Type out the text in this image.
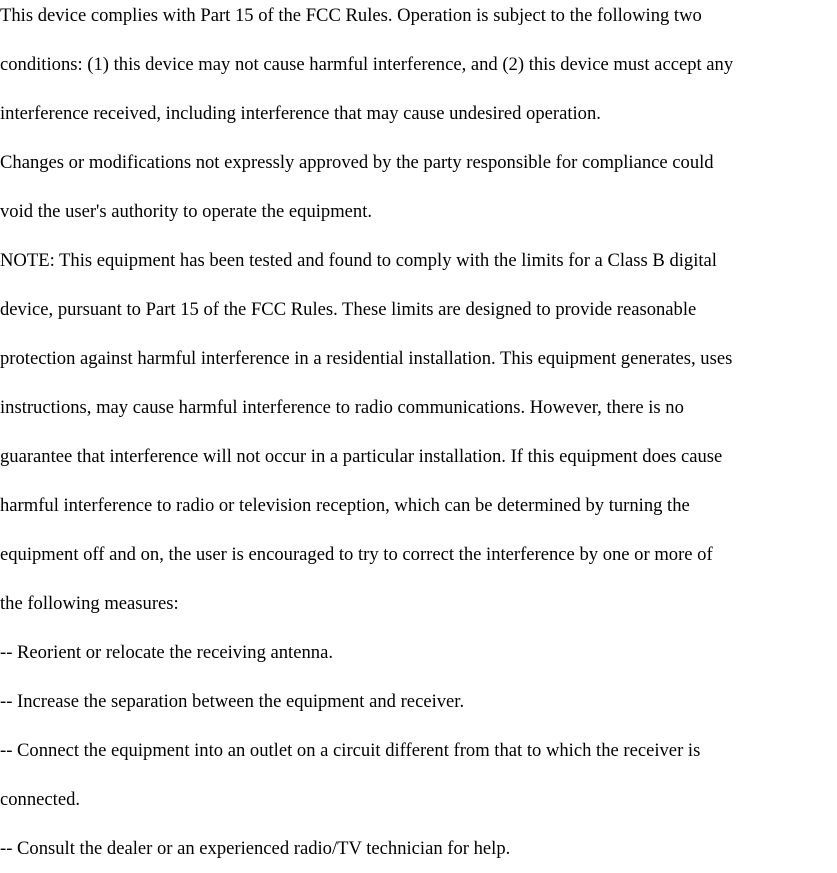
This device complies with Part 15 of the FCC Rules. Operation is subject to the following two
conditions: (1) this device may not cause harmful interference, and (2) this device must accept any
interference received, including interference that may cause undesired operation.
Changes or modifications not expressly approved by the party responsible for compliance could
void the user's authority to operate the equipment.
NOTE: This equipment has been tested and found to comply with the limits for a Class B digital
device, pursuant to Part 15 of the FCC Rules. These limits are designed to provide reasonable
protection against harmful interference in a residential installation. This equipment generates, uses
instructions, may cause harmful interference to radio communications. However, there is no
guarantee that interference will not occur in a particular installation. If this equipment does cause
harmful interference to radio or television reception, which can be determined by turning the
equipment off and on, the user is encouraged to try to correct the interference by one or more of
the following measures:
-- Reorient or relocate the receiving antenna.
-- Increase the separation between the equipment and receiver.
-- Connect the equipment into an outlet on a circuit different from that to which the receiver is
connected.
-- Consult the dealer or an experienced radio/TV technician for help.
